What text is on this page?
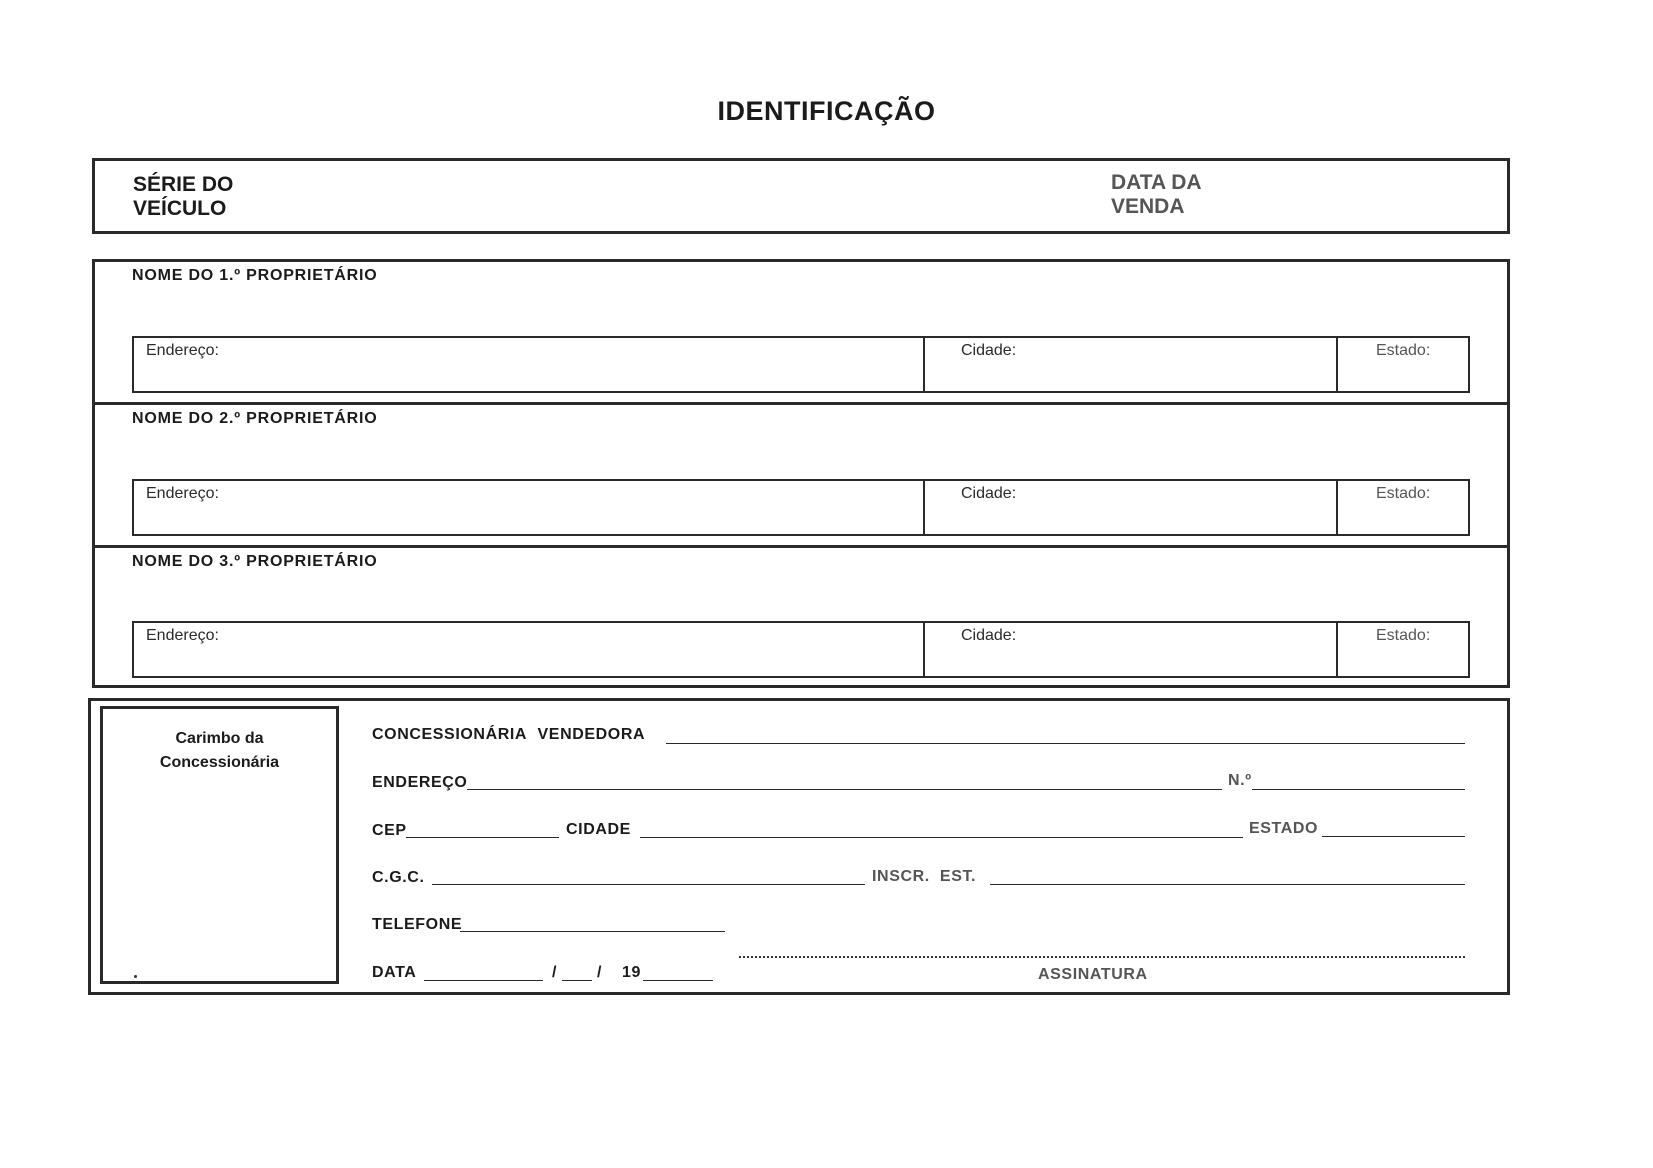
IDENTIFICAÇÃO
SÉRIE DO
VEÍCULO
DATA DA
VENDA
NOME DO 1.º PROPRIETÁRIO
Endereço:	Cidade:	Estado:
NOME DO 2.º PROPRIETÁRIO
Endereço:	Cidade:	Estado:
NOME DO 3.º PROPRIETÁRIO
Endereço:	Cidade:	Estado:
Carimbo da
Concessionária
CONCESSIONÁRIA VENDEDORA
ENDEREÇO	N.º
CEP	CIDADE	ESTADO
C.G.C.	INSCR.  EST.
TELEFONE
DATA	/ / 19	ASSINATURA
